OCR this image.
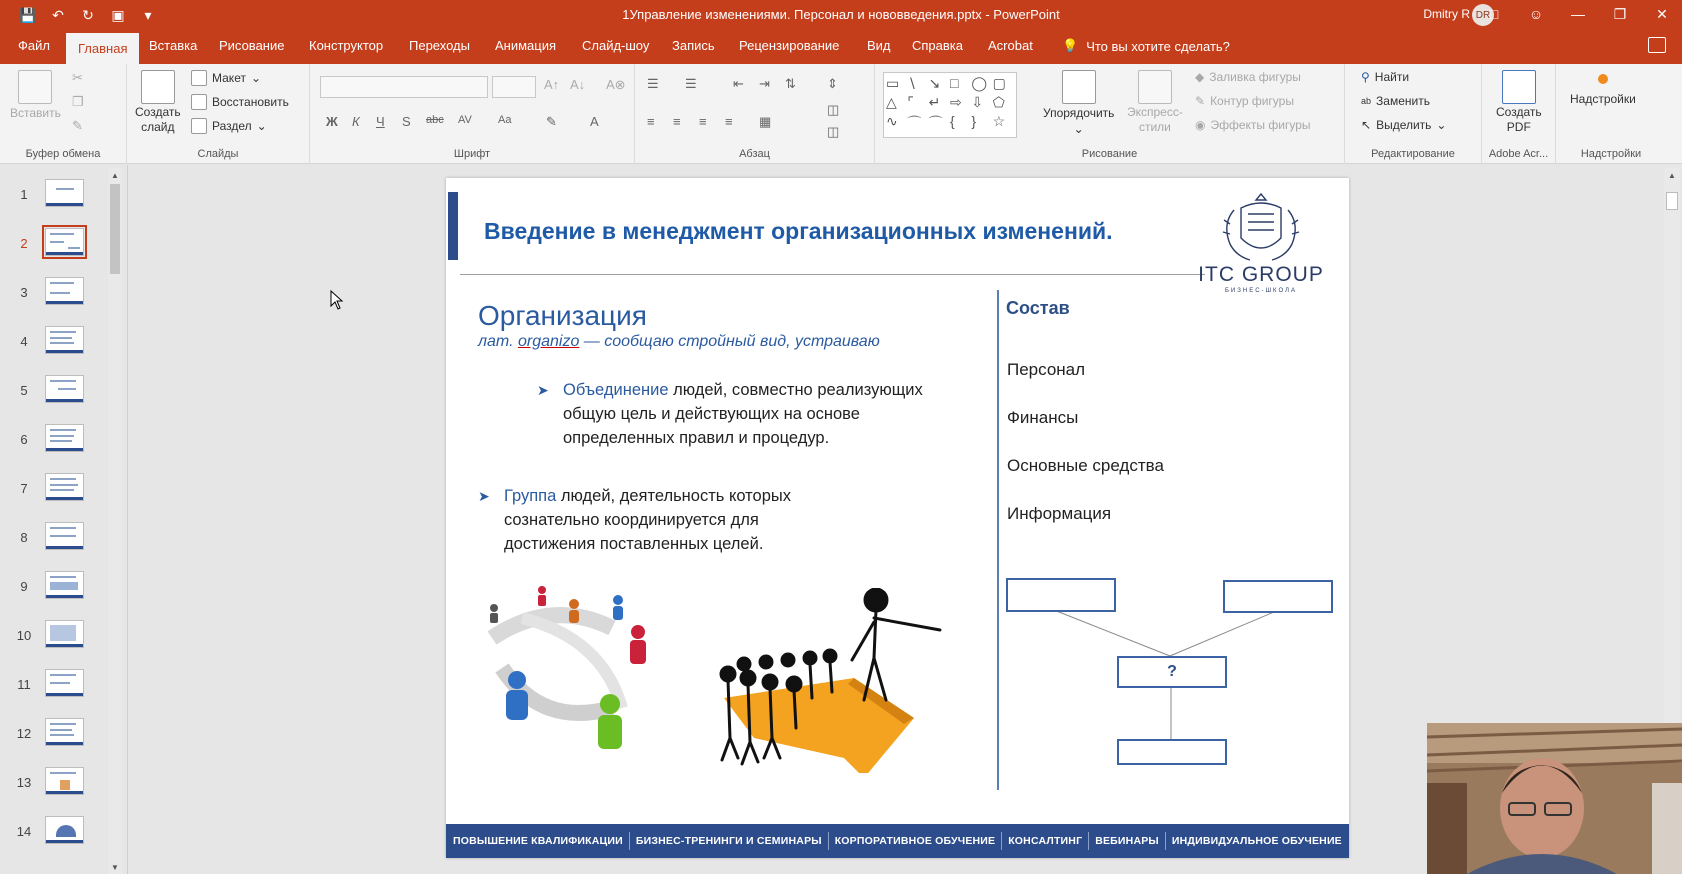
💾 ↶ ↻ ▣	▾	1Управление изменениями. Персонал и нововведения.pptx - PowerPoint	Dmitry R DR □	☺ — ❐ ✕
Файл	Главная	Вставка Рисование Конструктор Переходы Анимация Слайд-шоу Запись Рецензирование Вид Справка Acrobat 💡 Что вы хотите сделать?
Вставить
✂
❐
✎
Буфер обмена
Создать
слайд
Макет ⌄
Восстановить
Раздел ⌄
Слайды
A↑ A↓ A⊗
Ж К Ч S abc AV Aa	✎	A
Шрифт
☰ ☰	⇤ ⇥ ⇅ ⇕
≡ ≡ ≡ ≡ ▦
◫
◫
Абзац
▭ ∖ ↘ □ ◯ ▢
△ ⌜	↵ ⇨ ⇩ ⬠
∿ ⌒ ⌒ {	}	☆	Упорядочить
⌄
Экспресс-
стили
◆ Заливка фигуры
✎ Контур фигуры
◉ Эффекты фигуры
Рисование
⚲ Найти
ab Заменить
↖ Выделить ⌄
Редактирование
Создать
PDF
Adobe Acr...
Надстройки
Надстройки
1
2
3
4
5
6
7
8
9
10
11
12
13
14
▲
▼
Введение в менеджмент организационных изменений.
ITC GROUP
БИЗНЕС-ШКОЛА
Организация
лат. organizo — сообщаю стройный вид, устраиваю
➤ Объединение людей, совместно реализующих общую цель и действующих на основе определенных правил и процедур.
➤ Группа людей, деятельность которых сознательно координируется для достижения поставленных целей.
Состав
Персонал
Финансы
Основные средства
Информация
?
ПОВЫШЕНИЕ КВАЛИФИКАЦИИ БИЗНЕС-ТРЕНИНГИ И СЕМИНАРЫ КОРПОРАТИВНОЕ ОБУЧЕНИЕ КОНСАЛТИНГ ВЕБИНАРЫ ИНДИВИДУАЛЬНОЕ ОБУЧЕНИЕ
▲
